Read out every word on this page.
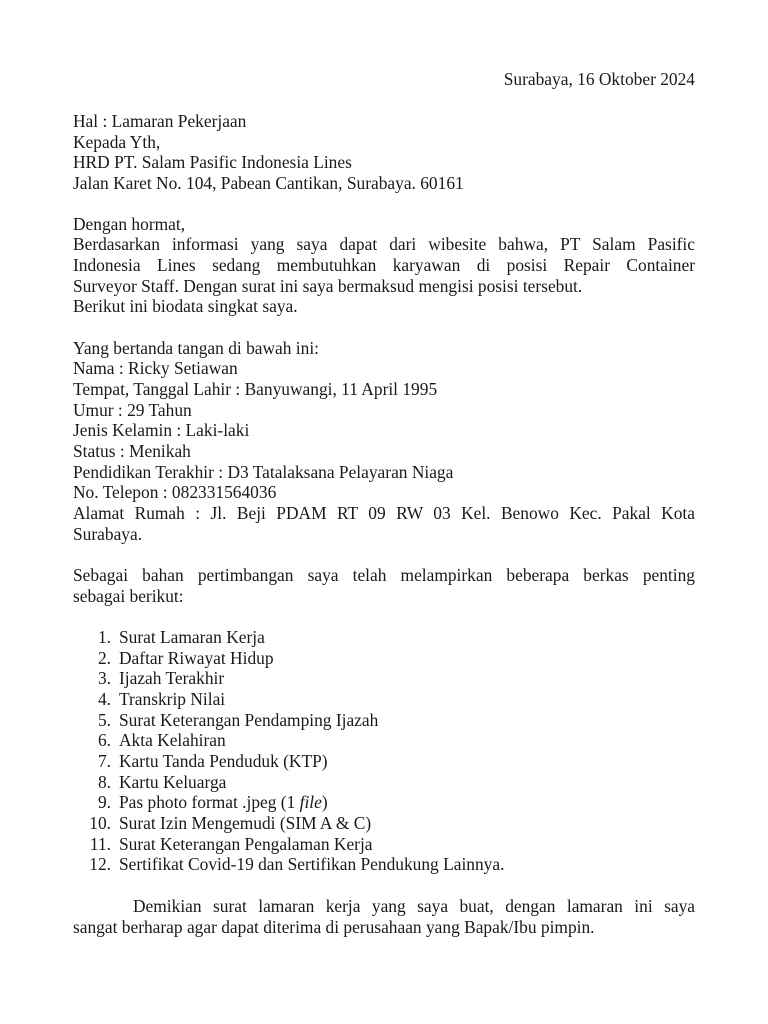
Surabaya, 16 Oktober 2024
Hal : Lamaran Pekerjaan
Kepada Yth,
HRD PT. Salam Pasific Indonesia Lines
Jalan Karet No. 104, Pabean Cantikan, Surabaya. 60161
Dengan hormat,
Berdasarkan informasi yang saya dapat dari wibesite bahwa, PT Salam Pasific
Indonesia Lines sedang membutuhkan karyawan di posisi Repair Container
Surveyor Staff. Dengan surat ini saya bermaksud mengisi posisi tersebut.
Berikut ini biodata singkat saya.
Yang bertanda tangan di bawah ini:
Nama : Ricky Setiawan
Tempat, Tanggal Lahir : Banyuwangi, 11 April 1995
Umur : 29 Tahun
Jenis Kelamin : Laki-laki
Status : Menikah
Pendidikan Terakhir : D3 Tatalaksana Pelayaran Niaga
No. Telepon : 082331564036
Alamat Rumah : Jl. Beji PDAM RT 09 RW 03 Kel. Benowo Kec. Pakal Kota
Surabaya.
Sebagai bahan pertimbangan saya telah melampirkan beberapa berkas penting
sebagai berikut:
1. Surat Lamaran Kerja
2. Daftar Riwayat Hidup
3. Ijazah Terakhir
4. Transkrip Nilai
5. Surat Keterangan Pendamping Ijazah
6. Akta Kelahiran
7. Kartu Tanda Penduduk (KTP)
8. Kartu Keluarga
9. Pas photo format .jpeg (1 file)
10. Surat Izin Mengemudi (SIM A & C)
11. Surat Keterangan Pengalaman Kerja
12. Sertifikat Covid-19 dan Sertifikan Pendukung Lainnya.
Demikian surat lamaran kerja yang saya buat, dengan lamaran ini saya
sangat berharap agar dapat diterima di perusahaan yang Bapak/Ibu pimpin.
